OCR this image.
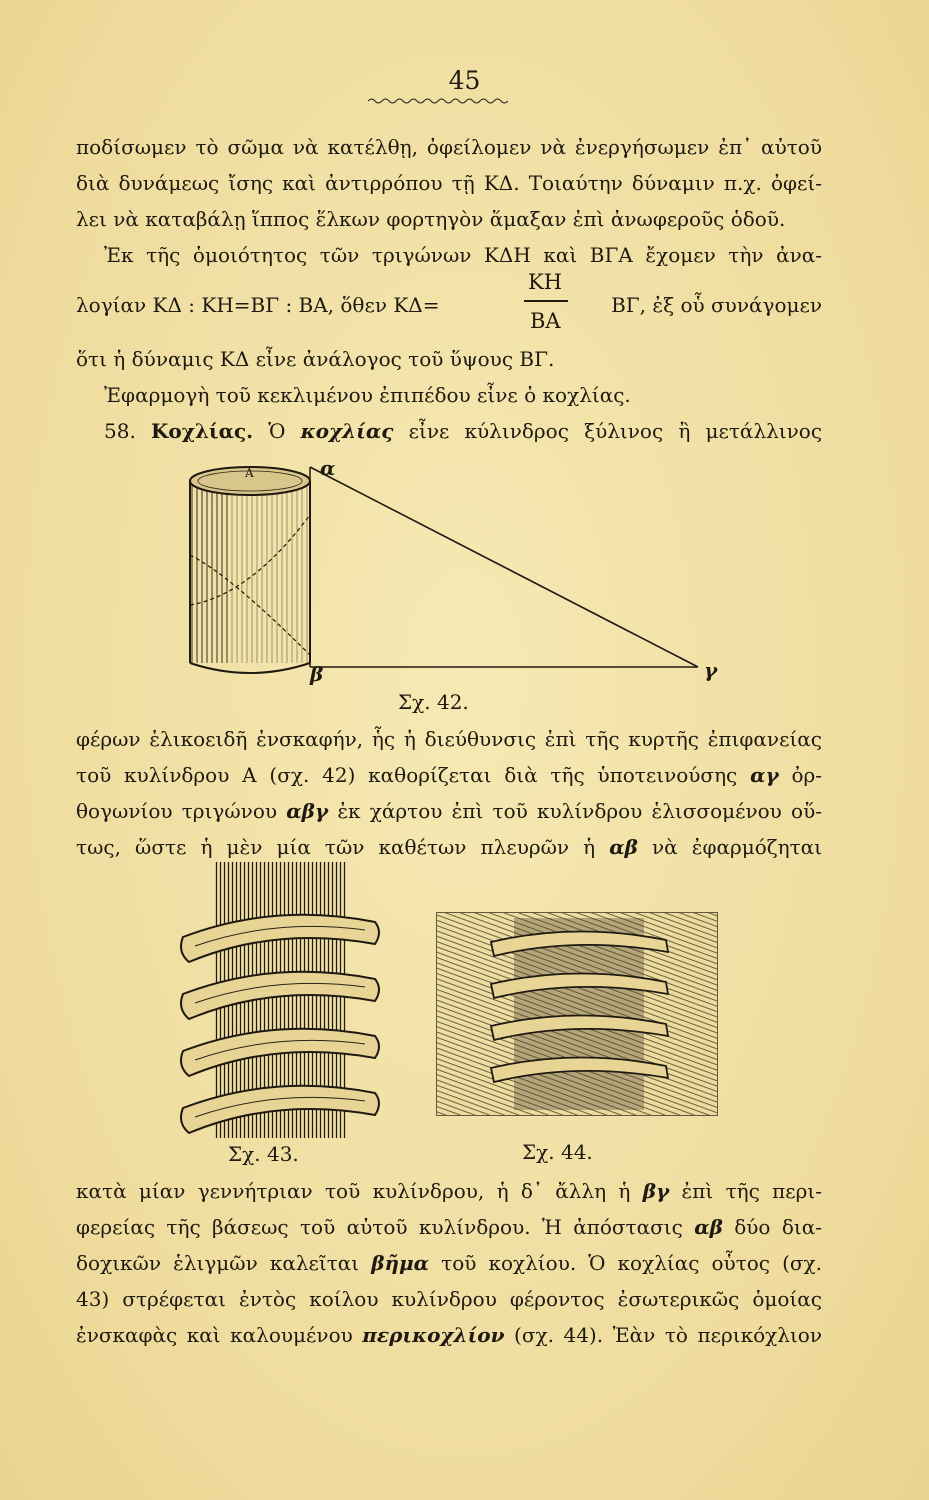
45
ποδίσωμεν τὸ σῶμα νὰ κατέλθῃ, ὀφείλομεν νὰ ἐνεργήσωμεν ἐπ᾽ αὐτοῦ
διὰ δυνάμεως ἴσης καὶ ἀντιρρόπου τῇ ΚΔ. Τοιαύτην δύναμιν π.χ. ὀφεί-
λει νὰ καταβάλῃ ἵππος ἕλκων φορτηγὸν ἅμαξαν ἐπὶ ἀνωφεροῦς ὁδοῦ.
Ἐκ τῆς ὁμοιότητος τῶν τριγώνων ΚΔΗ καὶ ΒΓΑ ἔχομεν τὴν ἀνα-
λογίαν ΚΔ : ΚΗ=ΒΓ : ΒΑ, ὅθεν ΚΔ=
ΚΗ
ΒΑ
ΒΓ, ἐξ οὗ συνάγομεν
ὅτι ἡ δύναμις ΚΔ εἶνε ἀνάλογος τοῦ ὕψους ΒΓ.
Ἐφαρμογὴ τοῦ κεκλιμένου ἐπιπέδου εἶνε ὁ κοχλίας.
58. Κοχλίας. Ὁ κοχλίας εἶνε κύλινδρος ξύλινος ἢ μετάλλινος
Α	α
β	γ
Σχ. 42.
φέρων ἑλικοειδῆ ἐνσκαφήν, ἧς ἡ διεύθυνσις ἐπὶ τῆς κυρτῆς ἐπιφανείας
τοῦ κυλίνδρου Α (σχ. 42) καθορίζεται διὰ τῆς ὑποτεινούσης αγ ὀρ-
θογωνίου τριγώνου αβγ ἐκ χάρτου ἐπὶ τοῦ κυλίνδρου ἑλισσομένου οὕ-
τως, ὥστε ἡ μὲν μία τῶν καθέτων πλευρῶν ἡ αβ νὰ ἐφαρμόζηται
Σχ. 43.	Σχ. 44.
κατὰ μίαν γεννήτριαν τοῦ κυλίνδρου, ἡ δ᾽ ἄλλη ἡ βγ ἐπὶ τῆς περι-
φερείας τῆς βάσεως τοῦ αὐτοῦ κυλίνδρου. Ἡ ἀπόστασις αβ δύο δια-
δοχικῶν ἑλιγμῶν καλεῖται βῆμα τοῦ κοχλίου. Ὁ κοχλίας οὗτος (σχ.
43) στρέφεται ἐντὸς κοίλου κυλίνδρου φέροντος ἐσωτερικῶς ὁμοίας
ἐνσκαφὰς καὶ καλουμένου περικοχλίον (σχ. 44). Ἐὰν τὸ περικόχλιον
